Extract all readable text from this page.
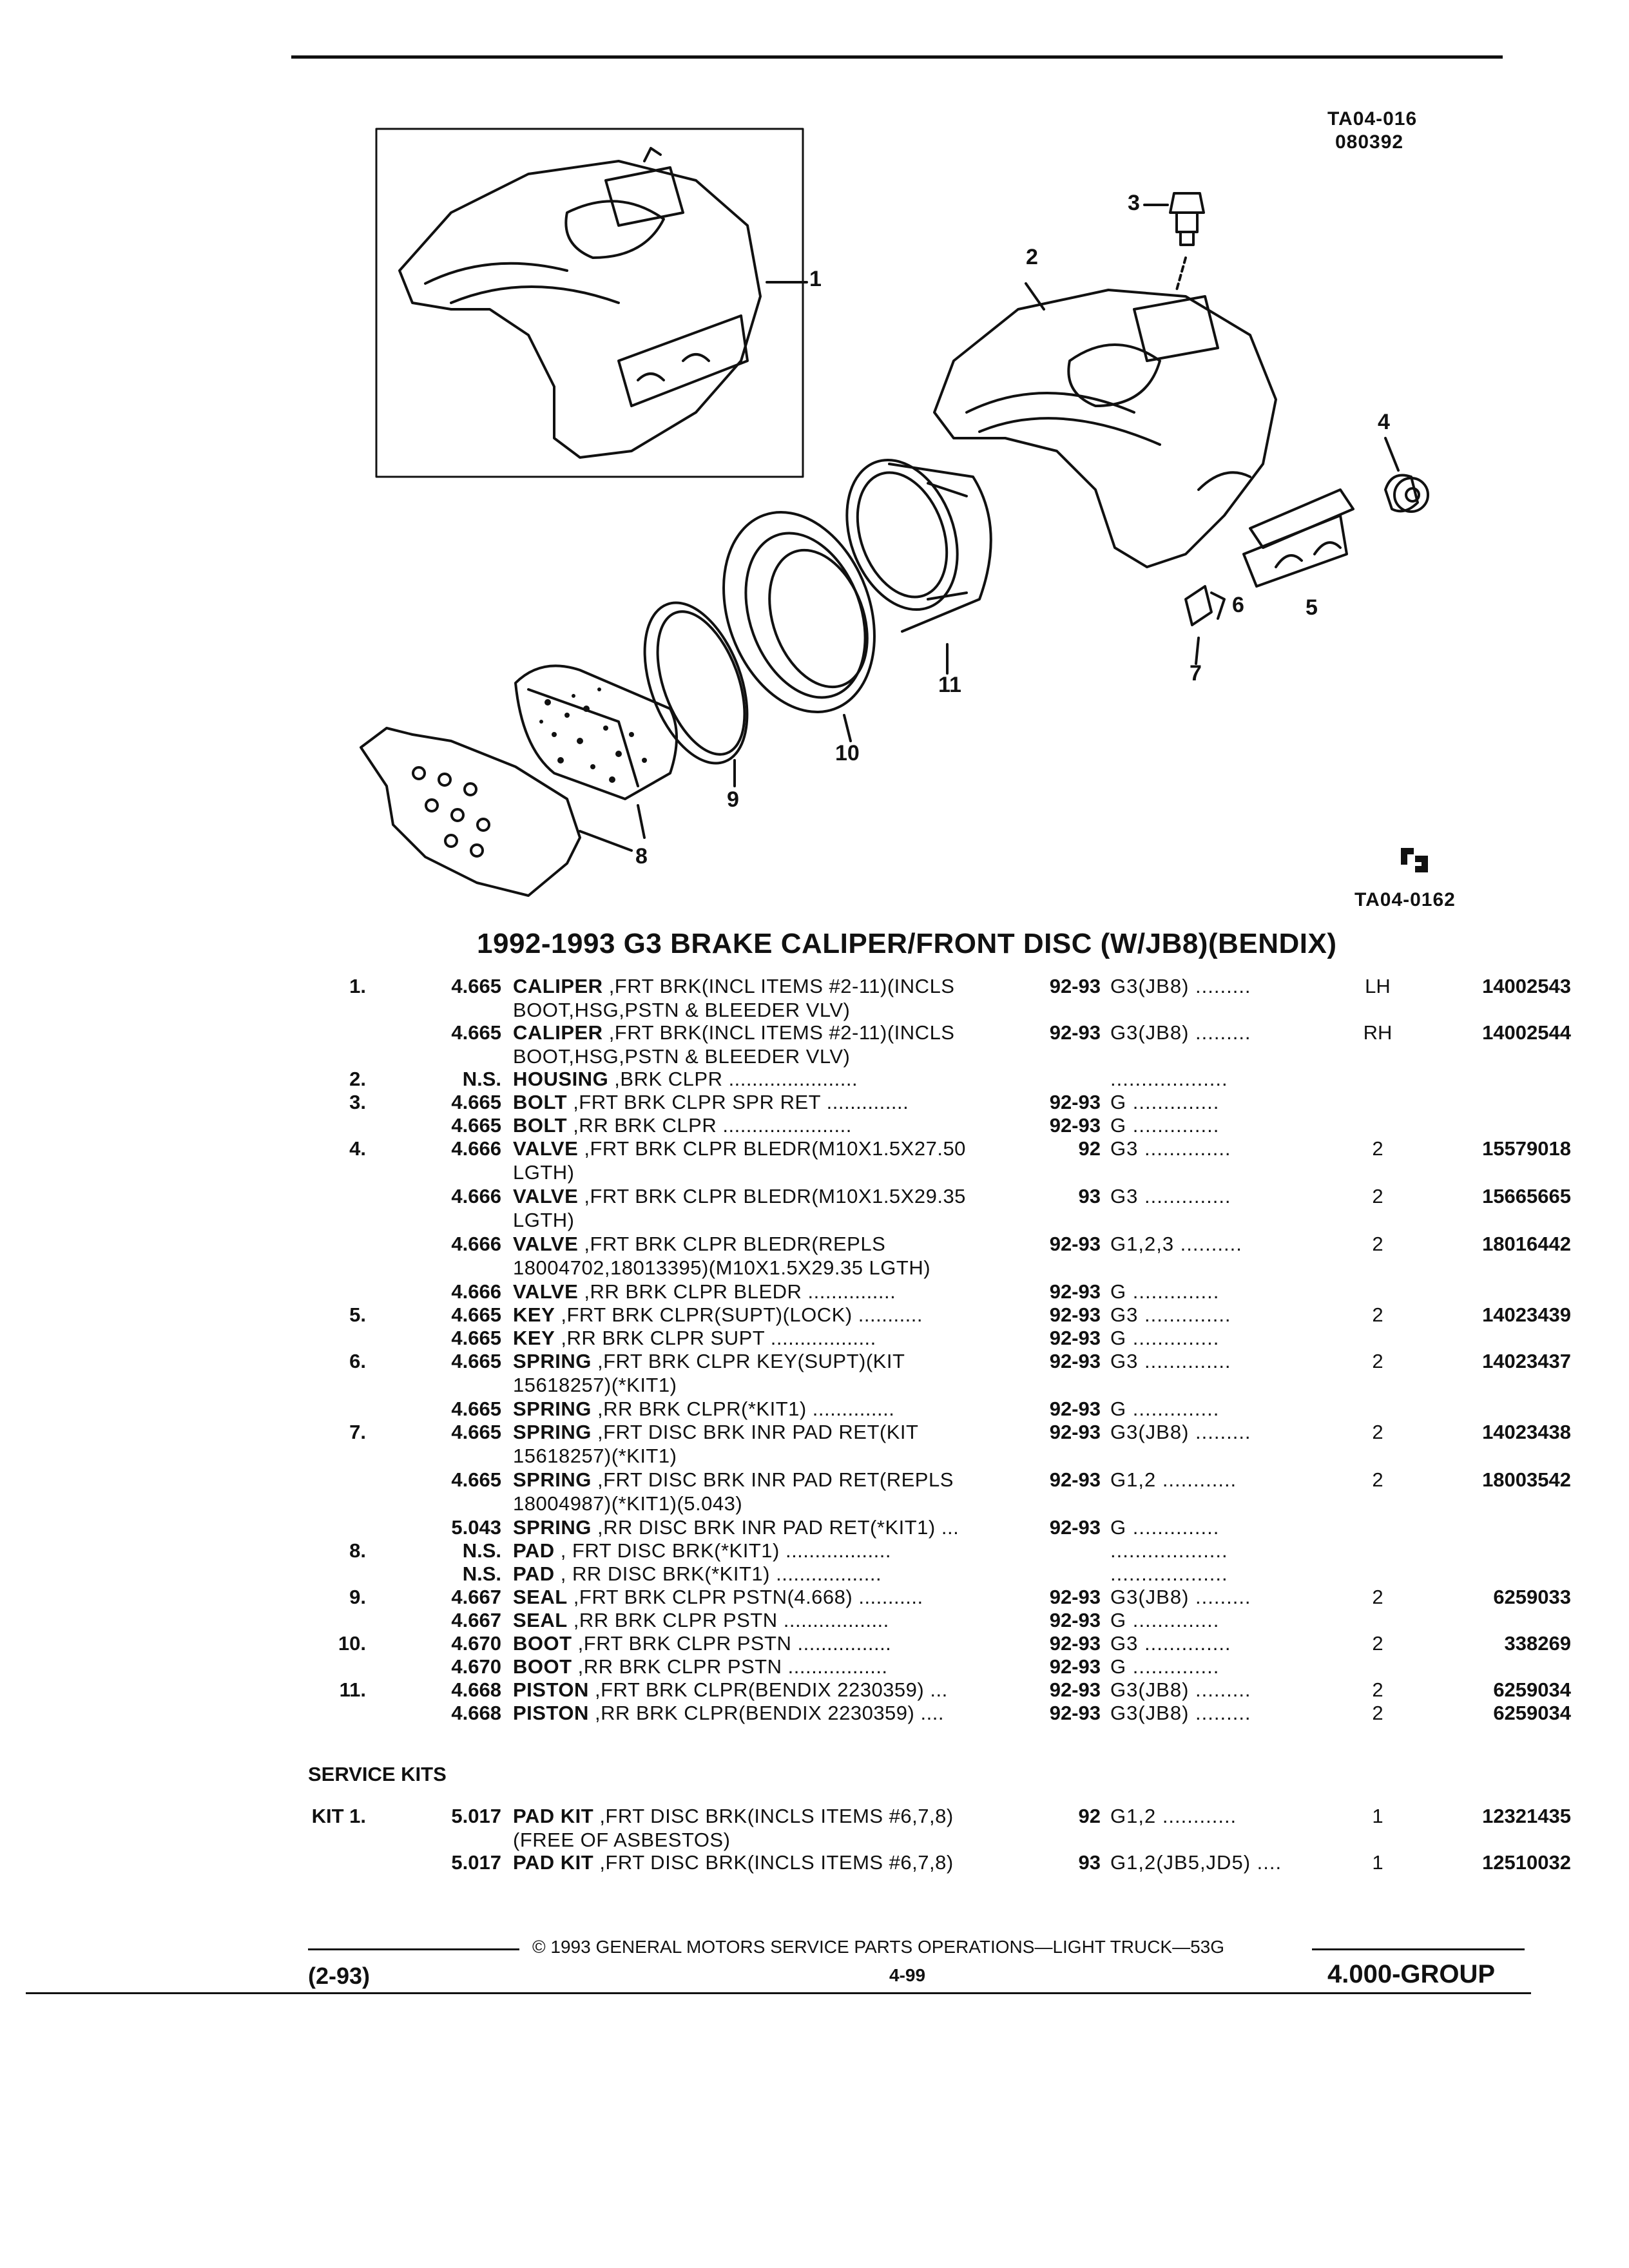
TA04-016
080392
1
2
3
4
5
6
7
8
9
10
11
TA04-0162
1992-1993 G3 BRAKE CALIPER/FRONT DISC (W/JB8)(BENDIX)
1.	4.665 CALIPER ,FRT BRK(INCL ITEMS #2-11)(INCLS
BOOT,HSG,PSTN & BLEEDER VLV)
92-93 G3(JB8) .........	LH	14002543
4.665 CALIPER ,FRT BRK(INCL ITEMS #2-11)(INCLS
BOOT,HSG,PSTN & BLEEDER VLV)
92-93 G3(JB8) .........	RH	14002544
2.	N.S. HOUSING ,BRK CLPR ......................	...................
3.	4.665 BOLT ,FRT BRK CLPR SPR RET ..............	92-93 G ..............
4.665 BOLT ,RR BRK CLPR ......................	92-93 G ..............
4.	4.666 VALVE ,FRT BRK CLPR BLEDR(M10X1.5X27.50
LGTH)
92 G3 ..............	2	15579018
4.666 VALVE ,FRT BRK CLPR BLEDR(M10X1.5X29.35
LGTH)
93 G3 ..............	2	15665665
4.666 VALVE ,FRT BRK CLPR BLEDR(REPLS
18004702,18013395)(M10X1.5X29.35 LGTH)
92-93 G1,2,3 ..........	2	18016442
4.666 VALVE ,RR BRK CLPR BLEDR ...............	92-93 G ..............
5.	4.665 KEY ,FRT BRK CLPR(SUPT)(LOCK) ...........	92-93 G3 ..............	2	14023439
4.665 KEY ,RR BRK CLPR SUPT ..................	92-93 G ..............
6.	4.665 SPRING ,FRT BRK CLPR KEY(SUPT)(KIT
15618257)(*KIT1)
92-93 G3 ..............	2	14023437
4.665 SPRING ,RR BRK CLPR(*KIT1) ..............	92-93 G ..............
7.	4.665 SPRING ,FRT DISC BRK INR PAD RET(KIT
15618257)(*KIT1)
92-93 G3(JB8) .........	2	14023438
4.665 SPRING ,FRT DISC BRK INR PAD RET(REPLS
18004987)(*KIT1)(5.043)
92-93 G1,2 ............	2	18003542
5.043 SPRING ,RR DISC BRK INR PAD RET(*KIT1) ...	92-93 G ..............
8.	N.S. PAD , FRT DISC BRK(*KIT1) ..................	...................
N.S. PAD , RR DISC BRK(*KIT1) ..................	...................
9.	4.667 SEAL ,FRT BRK CLPR PSTN(4.668) ...........	92-93 G3(JB8) .........	2	6259033
4.667 SEAL ,RR BRK CLPR PSTN ..................	92-93 G ..............
10.	4.670 BOOT ,FRT BRK CLPR PSTN ................	92-93 G3 ..............	2	338269
4.670 BOOT ,RR BRK CLPR PSTN .................	92-93 G ..............
11.	4.668 PISTON ,FRT BRK CLPR(BENDIX 2230359) ...	92-93 G3(JB8) .........	2	6259034
4.668 PISTON ,RR BRK CLPR(BENDIX 2230359) ....	92-93 G3(JB8) .........	2	6259034
SERVICE KITS
KIT 1.	5.017 PAD KIT ,FRT DISC BRK(INCLS ITEMS #6,7,8)
(FREE OF ASBESTOS)
92 G1,2 ............	1	12321435
5.017 PAD KIT ,FRT DISC BRK(INCLS ITEMS #6,7,8)	93 G1,2(JB5,JD5) ....	1	12510032
© 1993 GENERAL MOTORS SERVICE PARTS OPERATIONS—LIGHT TRUCK—53G
(2-93)	4-99	4.000-GROUP
